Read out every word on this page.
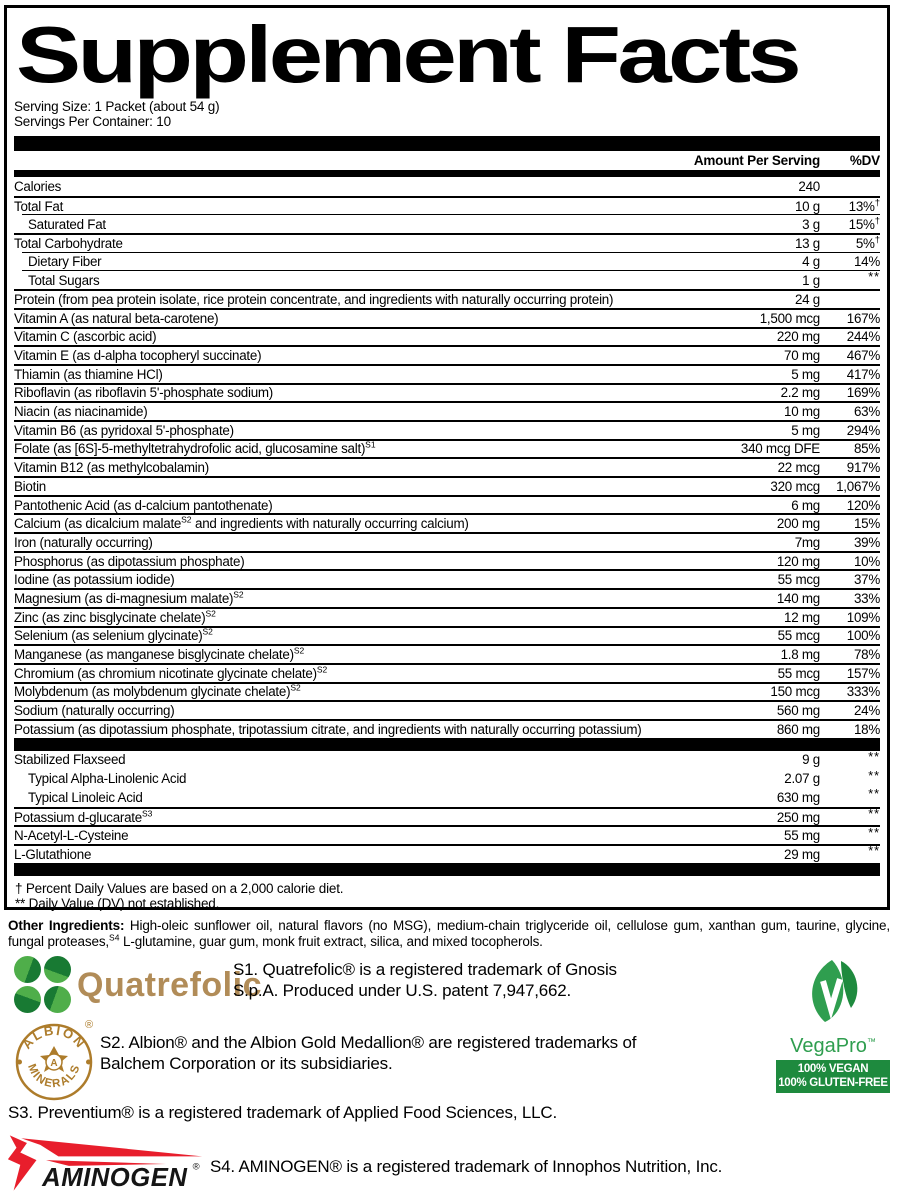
Supplement Facts
Serving Size: 1 Packet (about 54 g)
Servings Per Container: 10
Amount Per Serving	%DV
Calories	240
Total Fat	10 g	13%†
Saturated Fat	3 g	15%†
Total Carbohydrate	13 g	5%†
Dietary Fiber	4 g	14%
Total Sugars	1 g	**
Protein (from pea protein isolate, rice protein concentrate, and ingredients with naturally occurring protein)	24 g
Vitamin A (as natural beta-carotene)	1,500 mcg	167%
Vitamin C (ascorbic acid)	220 mg	244%
Vitamin E (as d-alpha tocopheryl succinate)	70 mg	467%
Thiamin (as thiamine HCl)	5 mg	417%
Riboflavin (as riboflavin 5'-phosphate sodium)	2.2 mg	169%
Niacin (as niacinamide)	10 mg	63%
Vitamin B6 (as pyridoxal 5'-phosphate)	5 mg	294%
Folate (as [6S]-5-methyltetrahydrofolic acid, glucosamine salt)$^{S1}$	340 mcg DFE	85%
Vitamin B12 (as methylcobalamin)	22 mcg	917%
Biotin	320 mcg	1,067%
Pantothenic Acid (as d-calcium pantothenate)	6 mg	120%
Calcium (as dicalcium malate$^{S2}$ and ingredients with naturally occurring calcium)	200 mg	15%
Iron (naturally occurring)	7mg	39%
Phosphorus (as dipotassium phosphate)	120 mg	10%
Iodine (as potassium iodide)	55 mcg	37%
Magnesium (as di-magnesium malate)$^{S2}$	140 mg	33%
Zinc (as zinc bisglycinate chelate)$^{S2}$	12 mg	109%
Selenium (as selenium glycinate)$^{S2}$	55 mcg	100%
Manganese (as manganese bisglycinate chelate)$^{S2}$	1.8 mg	78%
Chromium (as chromium nicotinate glycinate chelate)$^{S2}$	55 mcg	157%
Molybdenum (as molybdenum glycinate chelate)$^{S2}$	150 mcg	333%
Sodium (naturally occurring)	560 mg	24%
Potassium (as dipotassium phosphate, tripotassium citrate, and ingredients with naturally occurring potassium)	860 mg	18%
Stabilized Flaxseed	9 g	**
Typical Alpha-Linolenic Acid	2.07 g	**
Typical Linoleic Acid	630 mg	**
Potassium d-glucarate$^{S3}$	250 mg	**
N-Acetyl-L-Cysteine	55 mg	**
L-Glutathione	29 mg	**
† Percent Daily Values are based on a 2,000 calorie diet.
** Daily Value (DV) not established.
Other Ingredients: High-oleic sunflower oil, natural flavors (no MSG), medium-chain triglyceride oil, cellulose gum, xanthan gum, taurine, glycine, fungal proteases,$^{S4}$ L-glutamine, guar gum, monk fruit extract, silica, and mixed tocopherols.
Quatrefolic
S1. Quatrefolic® is a registered trademark of Gnosis
S.p.A. Produced under U.S. patent 7,947,662.
VegaPro™
100% VEGAN
100% GLUTEN-FREE
A
ALBION
MINERALS
®
S2. Albion® and the Albion Gold Medallion® are registered trademarks of
Balchem Corporation or its subsidiaries.
S3. Preventium® is a registered trademark of Applied Food Sciences, LLC.
AMINOGEN ® S4. AMINOGEN® is a registered trademark of Innophos Nutrition, Inc.
